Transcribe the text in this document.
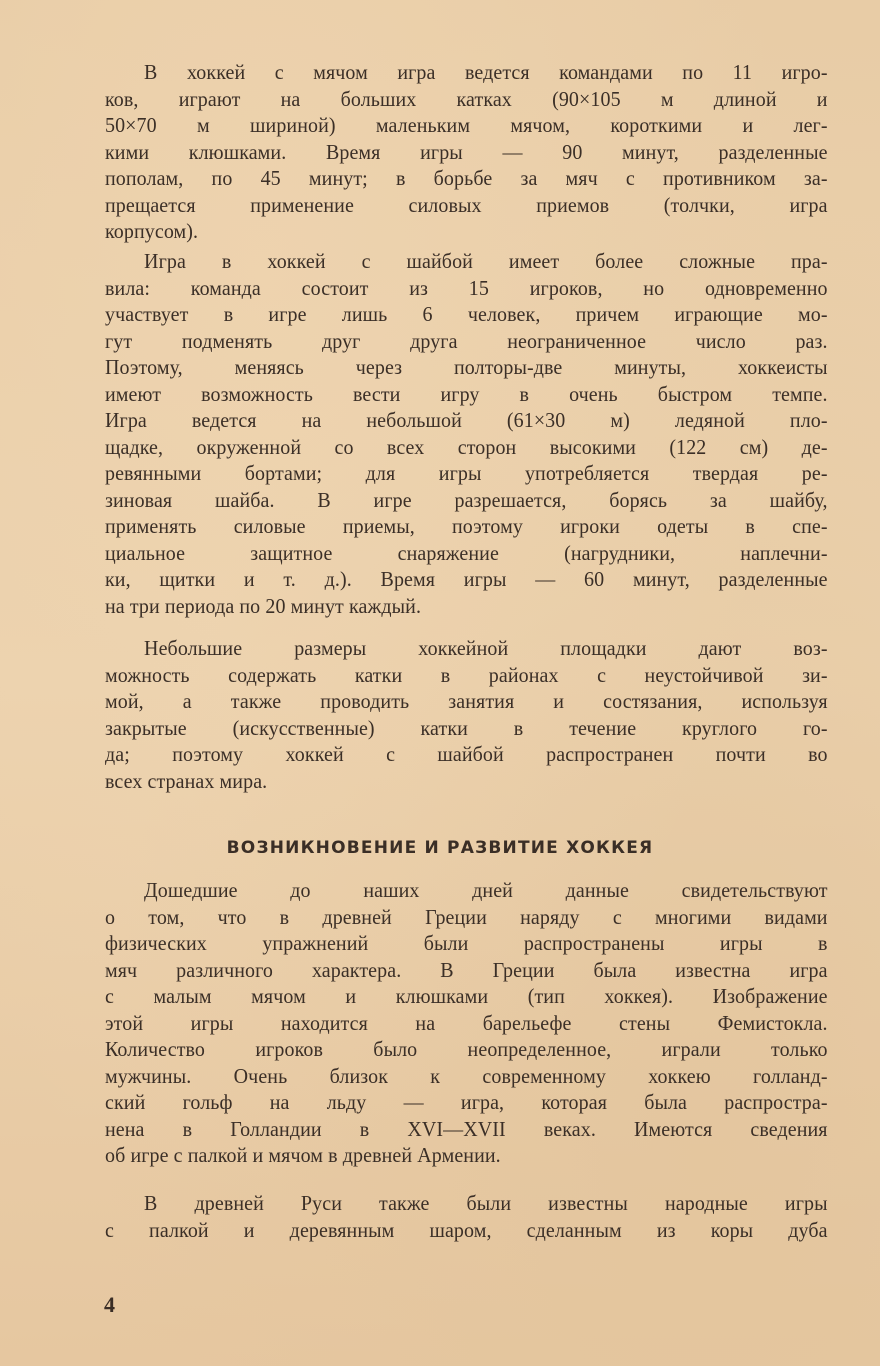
В хоккей с мячом игра ведется командами по 11 игро-
ков, играют на больших катках (90×105 м длиной и
50×70 м шириной) маленьким мячом, короткими и лег-
кими клюшками. Время игры — 90 минут, разделенные
пополам, по 45 минут; в борьбе за мяч с противником за-
прещается применение силовых приемов (толчки, игра
корпусом).
Игра в хоккей с шайбой имеет более сложные пра-
вила: команда состоит из 15 игроков, но одновременно
участвует в игре лишь 6 человек, причем играющие мо-
гут подменять друг друга неограниченное число раз.
Поэтому, меняясь через полторы-две минуты, хоккеисты
имеют возможность вести игру в очень быстром темпе.
Игра ведется на небольшой (61×30 м) ледяной пло-
щадке, окруженной со всех сторон высокими (122 см) де-
ревянными бортами; для игры употребляется твердая ре-
зиновая шайба. В игре разрешается, борясь за шайбу,
применять силовые приемы, поэтому игроки одеты в спе-
циальное защитное снаряжение (нагрудники, наплечни-
ки, щитки и т. д.). Время игры — 60 минут, разделенные
на три периода по 20 минут каждый.
Небольшие размеры хоккейной площадки дают воз-
можность содержать катки в районах с неустойчивой зи-
мой, а также проводить занятия и состязания, используя
закрытые (искусственные) катки в течение круглого го-
да; поэтому хоккей с шайбой распространен почти во
всех странах мира.
ВОЗНИКНОВЕНИЕ И РАЗВИТИЕ ХОККЕЯ
Дошедшие до наших дней данные свидетельствуют
о том, что в древней Греции наряду с многими видами
физических упражнений были распространены игры в
мяч различного характера. В Греции была известна игра
с малым мячом и клюшками (тип хоккея). Изображение
этой игры находится на барельефе стены Фемистокла.
Количество игроков было неопределенное, играли только
мужчины. Очень близок к современному хоккею голланд-
ский гольф на льду — игра, которая была распростра-
нена в Голландии в XVI—XVII веках. Имеются сведения
об игре с палкой и мячом в древней Армении.
В древней Руси также были известны народные игры
с палкой и деревянным шаром, сделанным из коры дуба
4
